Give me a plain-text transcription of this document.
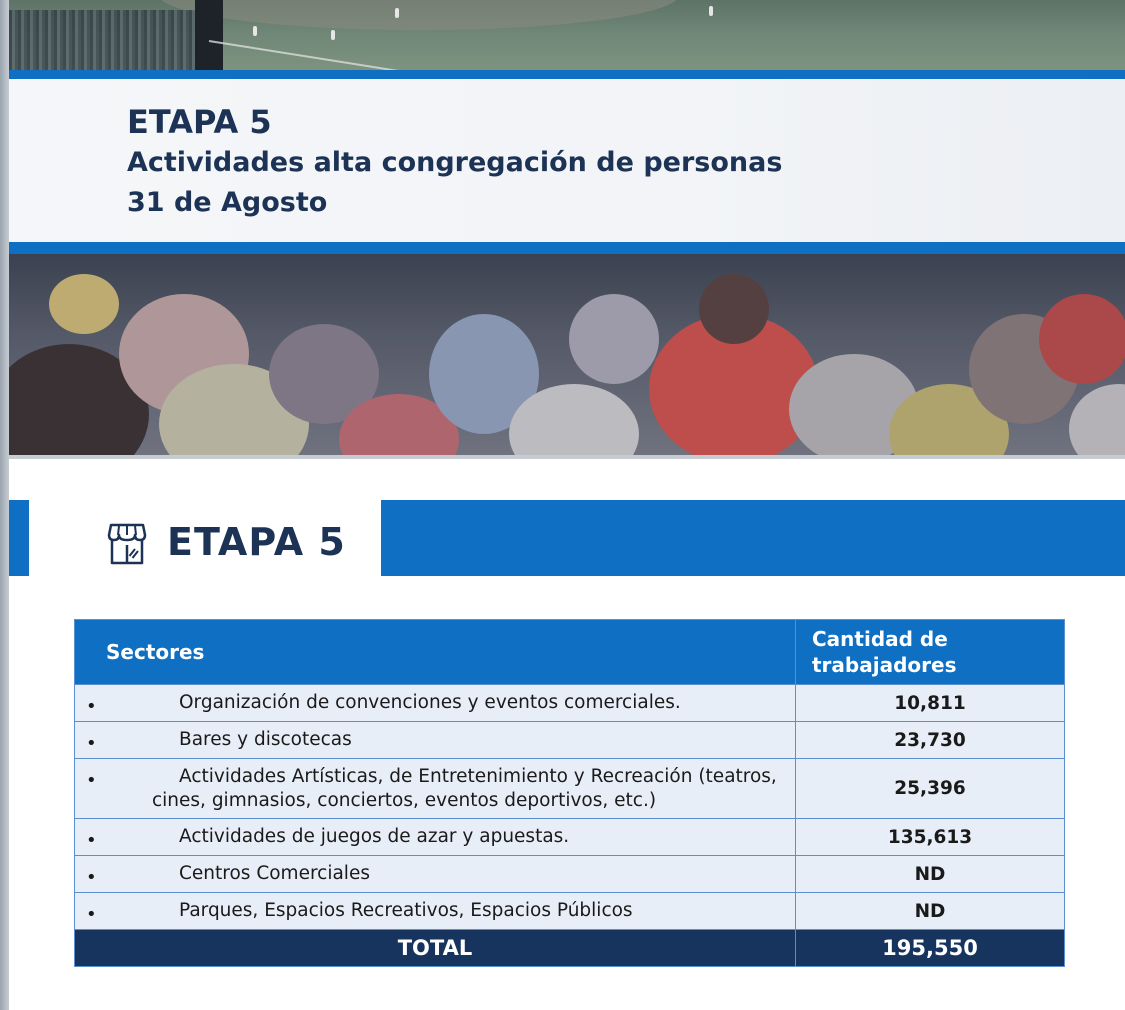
ETAPA 5
Actividades alta congregación de personas
31 de Agosto
ETAPA 5
Sectores	Cantidad de trabajadores

• Organización de convenciones y eventos comerciales.	10,811

• Bares y discotecas	23,730

• Actividades Artísticas, de Entretenimiento y Recreación (teatros, cines, gimnasios, conciertos, eventos deportivos, etc.)	25,396

• Actividades de juegos de azar y apuestas.	135,613

• Centros Comerciales	ND

• Parques, Espacios Recreativos, Espacios Públicos	ND
TOTAL	195,550
